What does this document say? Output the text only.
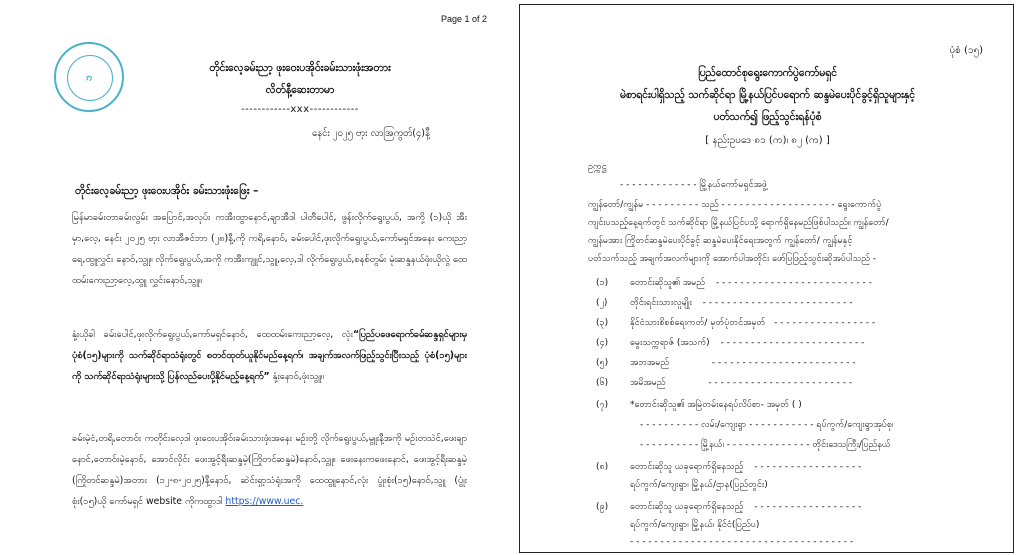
Page 1 of 2
ꩀ
တိုင်းလေ့ခမ်းညာ့ ဖုးဝေးပအိုဝ်းခမ်းသားဖုံးအတား
လိတ်နီ့ဆေးတာမာ
------------xxx------------
နေင်း ၂၀၂၅ ဗာ့း လာအြကွတ်(၄)နီ့
တိုင်းလေ့ခမ်းညာ့ ဖုးဝေးပအိုဝ်း ခမ်းသားဖုံးဖြေး –
မြန်မာခမ်းတာခမ်းလွမ်း အပြောင်,အလုပ်း ကအီးထွာနောင်,ချာအီဒါ ပါတီပေါင်, ဖွန်းလိုက်ရွေးပွယ်, အကို့ (၁)ယို အီးမှာ,လေ့, နေင်း ၂၀၂၅ ဗာ့း လာအီဇင်ဘာ (၂၈)နီ့,ကို ကရိ,နောဝ်, ခမ်းပေါင်,ဖုးလိုက်ရွေးပွယ်,ကော်မရှင်အနေး ကေးညာ့ရေ,ထွူလွှင်း နောဝ်,သွူ။ လိုက်ရွေးပွယ်,အကို ကအီးကျူင်,သွူ,လေ့,ဒါ လိုက်ရွေးပွယ်,စနစ်တွမ်း မုံးဆန္ဒနယ်ဖုံးယိုလွဲ ထေထမ်းကေးညာ့လေ့,ထွူ လွှင်းနောဝ်,သွူ။
နုံ့းယိုခါ ခမ်းပေါင်,ဖုးလိုက်ရွေးပွယ်,ကော်မရှင်နောဝ်, ထေထမ်းကေးညာ့လေ့, လုံး“ပြည်ပဖေရောက်ခမ်ဆန္ဒရှင်များမှ ပုံစံ(၁၅)များကို သက်ဆိုင်ရာသံရုံးတွင် စတင်ထုတ်ယူနိုင်မည်နေ့ရက်၊ အချက်အလက်ဖြည့်သွင်းပြီးသည့် ပုံစံ(၁၅)များကို သက်ဆိုင်ရာသံရုံးများသို့ ပြန်လည်ပေးပို့နိုင်မည့်နေ့ရက်” နုံ့းနောဝ်,ဖုံးသွူ။
ခမ်းမဲ့ငံ,တရိ,တောဝ်း ကတိုင်းလေ့ဒါ ဖုးဝေးပအိုဝ်းခမ်းသားဖုံးအနေး မဉ်းတို့ လိုက်ရွေးပွယ်,မွူးနီ့အကို မဉ်းတသဲင်,ဖေးချာနောင်,တောဝ်းမဲ့နောဝ်, အောင်လိုင်း ဖေးအွင့်ရီးဆန္ဒမဲ့(ကြိုတင်ဆန္ဒမဲ)နောဝ်,သွူ။ ဖေးနေးကဖေးနောင်, ဖေးအွင့်ရီးဆန္ဒမဲ့ (ကြိုတင်ဆန္ဒမဲ)အတား (၁၂-၈-၂၀၂၅)နီ့နောဝ်, ဆဲင်းရှာ့သံရုံးအကို ထေထွူနောင်,လုံး ပွုံးစုံး(၁၅)နောဝ်,သွူ (ပွုံးစုံး(၁၅)ယို ကော်မရှင် website ကိုကထွာဒါ https://www.uec.
ပုံစံ (၁၅)
ပြည်ထောင်စုရွေးကောက်ပွဲကော်မရှင်
မဲစာရင်းပါရှိသည့် သက်ဆိုင်ရာ မြို့နယ်ပြင်ပရောက် ဆန္ဒမဲပေးပိုင်ခွင့်ရှိသူများနှင့်
ပတ်သက်၍ ဖြည့်သွင်းရန်ပုံစံ
[ နည်းဥပဒေ ၈၁ (က)၊ ၈၂ (က) ]
ဥက္ကဋ္ဌ
- - - - - - - - - - - - - မြို့နယ်ကော်မရှင်အဖွဲ့
ကျွန်တော်/ကျွန်မ - - - - - - - - - သည် - - - - - - - - - - - - - - - - - - - ရွေးကောက်ပွဲ
ကျင်းပသည့်နေ့ရက်တွင် သက်ဆိုင်ရာ မြို့နယ်ပြင်ပသို့ ရောက်ရှိနေမည်ဖြစ်ပါသည်။ ကျွန်တော်/
ကျွန်မအား ကြိုတင်ဆန္ဒမဲပေးပိုင်ခွင့် ဆန္ဒမဲပေးနိုင်ရေးအတွက် ကျွန်တော်/ ကျွန်မနှင့်
ပတ်သက်သည့် အချက်အလက်များကို အောက်ပါအတိုင်း ဖော်ပြဖြည့်သွင်းဆိုအပ်ပါသည် -
(၁) တောင်းဆိုသူ၏ အမည် - - - - - - - - - - - - - - - - - - - - - - - - - -
(၂)	တိုင်းရင်းသားလူမျိုး - - - - - - - - - - - - - - - - - - - - - - - - -
(၃) နိုင်ငံသားစိစစ်ရေးကတ်/ မှတ်ပုံတင်အမှတ် - - - - - - - - - - - - - - - - -
(၄) မွေးသက္ကရာဇ် (အသက်) - - - - - - - - - - - - - - - - - - - - - - - -
(၅) အဘအမည်	- - - - - - - - - - - - - - - - - - - - - - - -
(၆) အမိအမည်	- - - - - - - - - - - - - - - - - - - - - - - -
(၇) *တောင်းဆိုသူ၏ အမြဲတမ်းနေရပ်လိပ်စာ- အမှတ် ( )
- - - - - - - - - - လမ်း/ကျေးရွာ - - - - - - - - - - - ရပ်ကွက်/ကျေးရွာအုပ်စု၊
- - - - - - - - - - မြို့နယ်၊ - - - - - - - - - - - - - - တိုင်းဒေသကြီး/ပြည်နယ်
(၈) တောင်းဆိုသူ ယခုရောက်ရှိနေသည့် - - - - - - - - - - - - - - - - - -
ရပ်ကွက်/ကျေးရွာ၊ မြို့နယ်/ဌာန(ပြည်တွင်း)
(၉) တောင်းဆိုသူ ယခုရောက်ရှိနေသည့် - - - - - - - - - - - - - - - - - -
ရပ်ကွက်/ကျေးရွာ၊ မြို့နယ်၊ နိုင်ငံ(ပြည်ပ)
- - - - - - - - - - - - - - - - - - - - - - - - - - - - - - - - - - - - -
